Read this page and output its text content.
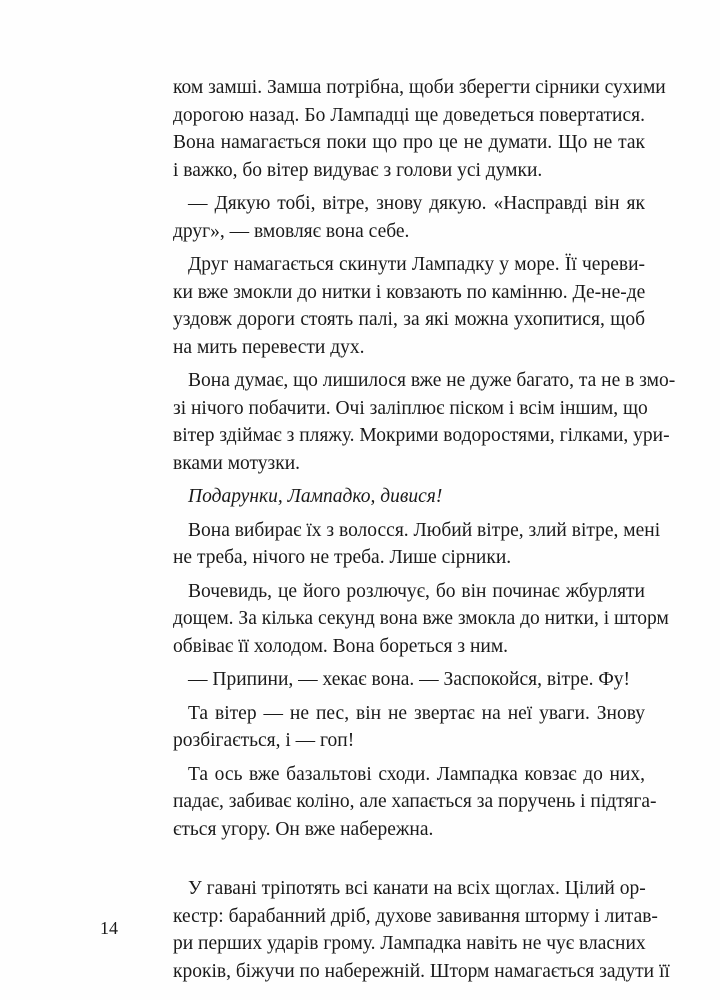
ком замші. Замша потрібна, щоби зберегти сірники сухими
дорогою назад. Бо Лампадці ще доведеться повертатися.
Вона намагається поки що про це не думати. Що не так
і важко, бо вітер видуває з голови усі думки.
— Дякую тобі, вітре, знову дякую. «Насправді він як
друг», — вмовляє вона себе.
Друг намагається скинути Лампадку у море. Її череви-
ки вже змокли до нитки і ковзають по камінню. Де-не-де
уздовж дороги стоять палі, за які можна ухопитися, щоб
на мить перевести дух.
Вона думає, що лишилося вже не дуже багато, та не в змо-
зі нічого побачити. Очі заліплює піском і всім іншим, що
вітер здіймає з пляжу. Мокрими водоростями, гілками, ури-
вками мотузки.
Подарунки, Лампадко, дивися!
Вона вибирає їх з волосся. Любий вітре, злий вітре, мені
не треба, нічого не треба. Лише сірники.
Вочевидь, це його розлючує, бо він починає жбурляти
дощем. За кілька секунд вона вже змокла до нитки, і шторм
обвіває її холодом. Вона бореться з ним.
— Припини, — хекає вона. — Заспокойся, вітре. Фу!
Та вітер — не пес, він не звертає на неї уваги. Знову
розбігається, і — гоп!
Та ось вже базальтові сходи. Лампадка ковзає до них,
падає, забиває коліно, але хапається за поручень і підтяга-
ється угору. Он вже набережна.
У гавані тріпотять всі канати на всіх щоглах. Цілий ор-
кестр: барабанний дріб, духове завивання шторму і литав-
ри перших ударів грому. Лампадка навіть не чує власних
кроків, біжучи по набережній. Шторм намагається задути її
14
